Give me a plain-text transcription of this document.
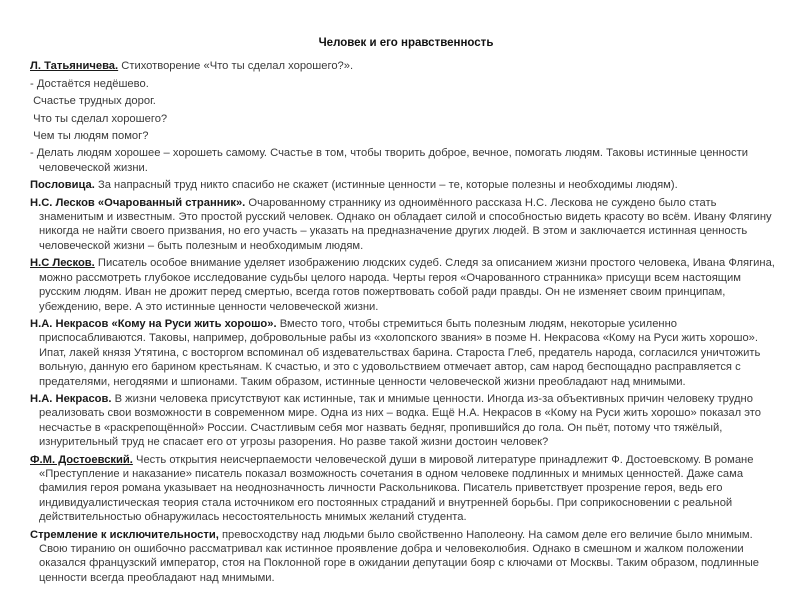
Человек и его нравственность
Л. Татьяничева. Стихотворение «Что ты сделал хорошего?».
- Достаётся недёшево.
Счастье трудных дорог.
Что ты сделал хорошего?
Чем ты людям помог?
- Делать людям хорошее – хорошеть самому. Счастье в том, чтобы творить доброе, вечное, помогать людям. Таковы истинные ценности человеческой жизни.
Пословица. За напрасный труд никто спасибо не скажет (истинные ценности – те, которые полезны и необходимы людям).
Н.С. Лесков «Очарованный странник». Очарованному страннику из одноимённого рассказа Н.С. Лескова не суждено было стать знаменитым и известным. Это простой русский человек. Однако он обладает силой и способностью видеть красоту во всём. Ивану Флягину никогда не найти своего призвания, но его участь – указать на предназначение других людей. В этом и заключается истинная ценность человеческой жизни – быть полезным и необходимым людям.
Н.С Лесков. Писатель особое внимание уделяет изображению людских судеб. Следя за описанием жизни простого человека, Ивана Флягина, можно рассмотреть глубокое исследование судьбы целого народа. Черты героя «Очарованного странника» присущи всем настоящим русским людям. Иван не дрожит перед смертью, всегда готов пожертвовать собой ради правды. Он не изменяет своим принципам, убеждению, вере. А это истинные ценности человеческой жизни.
Н.А. Некрасов «Кому на Руси жить хорошо». Вместо того, чтобы стремиться быть полезным людям, некоторые усиленно приспосабливаются. Таковы, например, добровольные рабы из «холопского звания» в поэме Н. Некрасова «Кому на Руси жить хорошо». Ипат, лакей князя Утятина, с восторгом вспоминал об издевательствах барина. Староста Глеб, предатель народа, согласился уничтожить вольную, данную его барином крестьянам. К счастью, и это с удовольствием отмечает автор, сам народ беспощадно расправляется с предателями, негодяями и шпионами. Таким образом, истинные ценности человеческой жизни преобладают над мнимыми.
Н.А. Некрасов. В жизни человека присутствуют как истинные, так и мнимые ценности. Иногда из-за объективных причин человеку трудно реализовать свои возможности в современном мире. Одна из них – водка. Ещё Н.А. Некрасов в «Кому на Руси жить хорошо» показал это несчастье в «раскрепощённой» России. Счастливым себя мог назвать бедняг, пропившийся до гола. Он пьёт, потому что тяжёлый, изнурительный труд не спасает его от угрозы разорения. Но разве такой жизни достоин человек?
Ф.М. Достоевский. Честь открытия неисчерпаемости человеческой души в мировой литературе принадлежит Ф. Достоевскому. В романе «Преступление и наказание» писатель показал возможность сочетания в одном человеке подлинных и мнимых ценностей. Даже сама фамилия героя романа указывает на неоднозначность личности Раскольникова. Писатель приветствует прозрение героя, ведь его индивидуалистическая теория стала источником его постоянных страданий и внутренней борьбы. При соприкосновении с реальной действительностью обнаружилась несостоятельность мнимых желаний студента.
Стремление к исключительности, превосходству над людьми было свойственно Наполеону. На самом деле его величие было мнимым. Свою тиранию он ошибочно рассматривал как истинное проявление добра и человеколюбия. Однако в смешном и жалком положении оказался французский император, стоя на Поклонной горе в ожидании депутации бояр с ключами от Москвы. Таким образом, подлинные ценности всегда преобладают над мнимыми.
